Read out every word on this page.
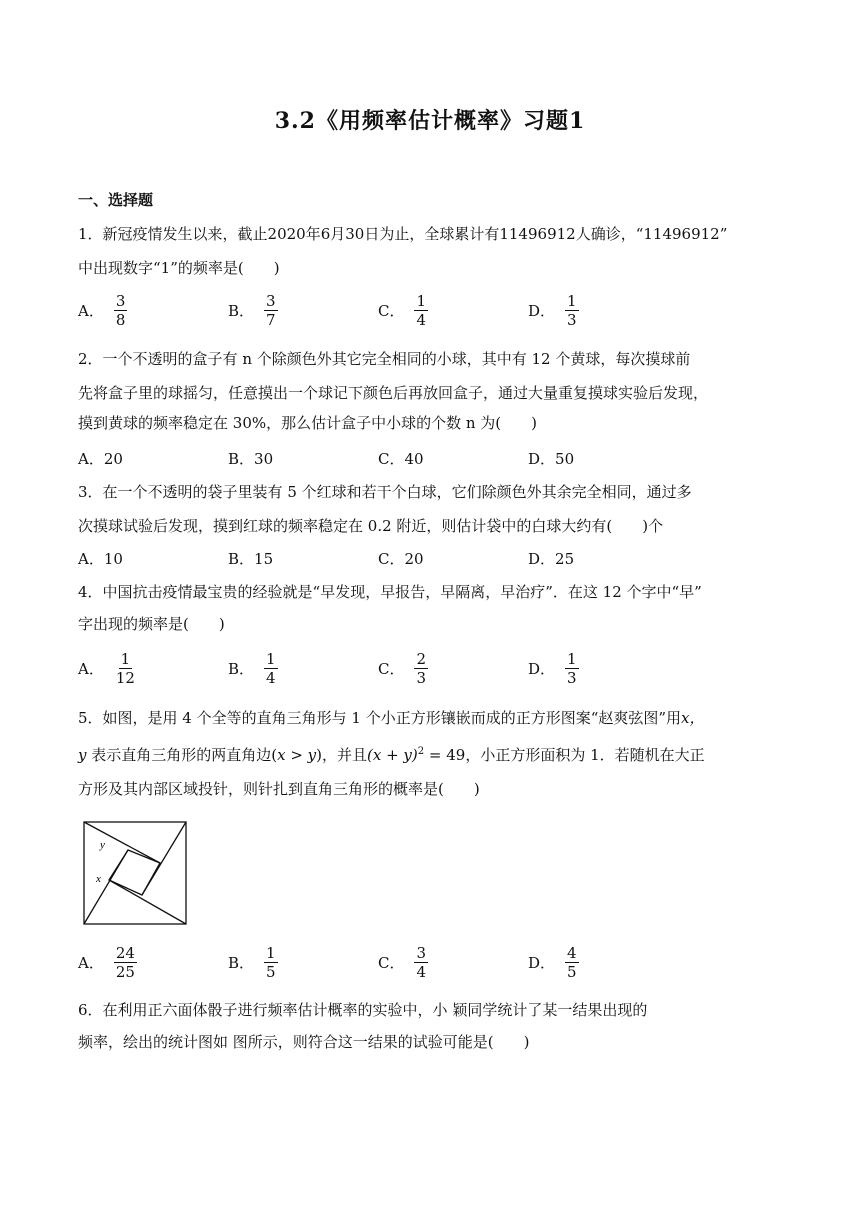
3.2《用频率估计概率》习题1
一、选择题
1．新冠疫情发生以来，截止2020年6月30日为止，全球累计有11496912人确诊，“11496912”
中出现数字“1”的频率是(　　)
A． $\frac{3}{8}$	B． $\frac{3}{7}$	C． $\frac{1}{4}$	D． $\frac{1}{3}$
2．一个不透明的盒子有 n 个除颜色外其它完全相同的小球，其中有 12 个黄球，每次摸球前
先将盒子里的球摇匀，任意摸出一个球记下颜色后再放回盒子，通过大量重复摸球实验后发现，
摸到黄球的频率稳定在 30%，那么估计盒子中小球的个数 n 为(　　)
A．20	B．30	C．40	D．50
3．在一个不透明的袋子里装有 5 个红球和若干个白球，它们除颜色外其余完全相同，通过多
次摸球试验后发现，摸到红球的频率稳定在 0.2 附近，则估计袋中的白球大约有(　　)个
A．10	B．15	C．20	D．25
4．中国抗击疫情最宝贵的经验就是“早发现，早报告，早隔离，早治疗”．在这 12 个字中“早”
字出现的频率是(　　)
A． $\frac{1}{12}$	B． $\frac{1}{4}$	C． $\frac{2}{3}$	D． $\frac{1}{3}$
5．如图，是用 4 个全等的直角三角形与 1 个小正方形镶嵌而成的正方形图案“赵爽弦图”用x，
y 表示直角三角形的两直角边(x > y)，并且$(x + y)^2 = 49$，小正方形面积为 1．若随机在大正
方形及其内部区域投针，则针扎到直角三角形的概率是(　　)
y
x
A． $\frac{24}{25}$	B． $\frac{1}{5}$	C． $\frac{3}{4}$	D． $\frac{4}{5}$
6．在利用正六面体骰子进行频率估计概率的实验中，小 颖同学统计了某一结果出现的
频率，绘出的统计图如 图所示，则符合这一结果的试验可能是(　　)
